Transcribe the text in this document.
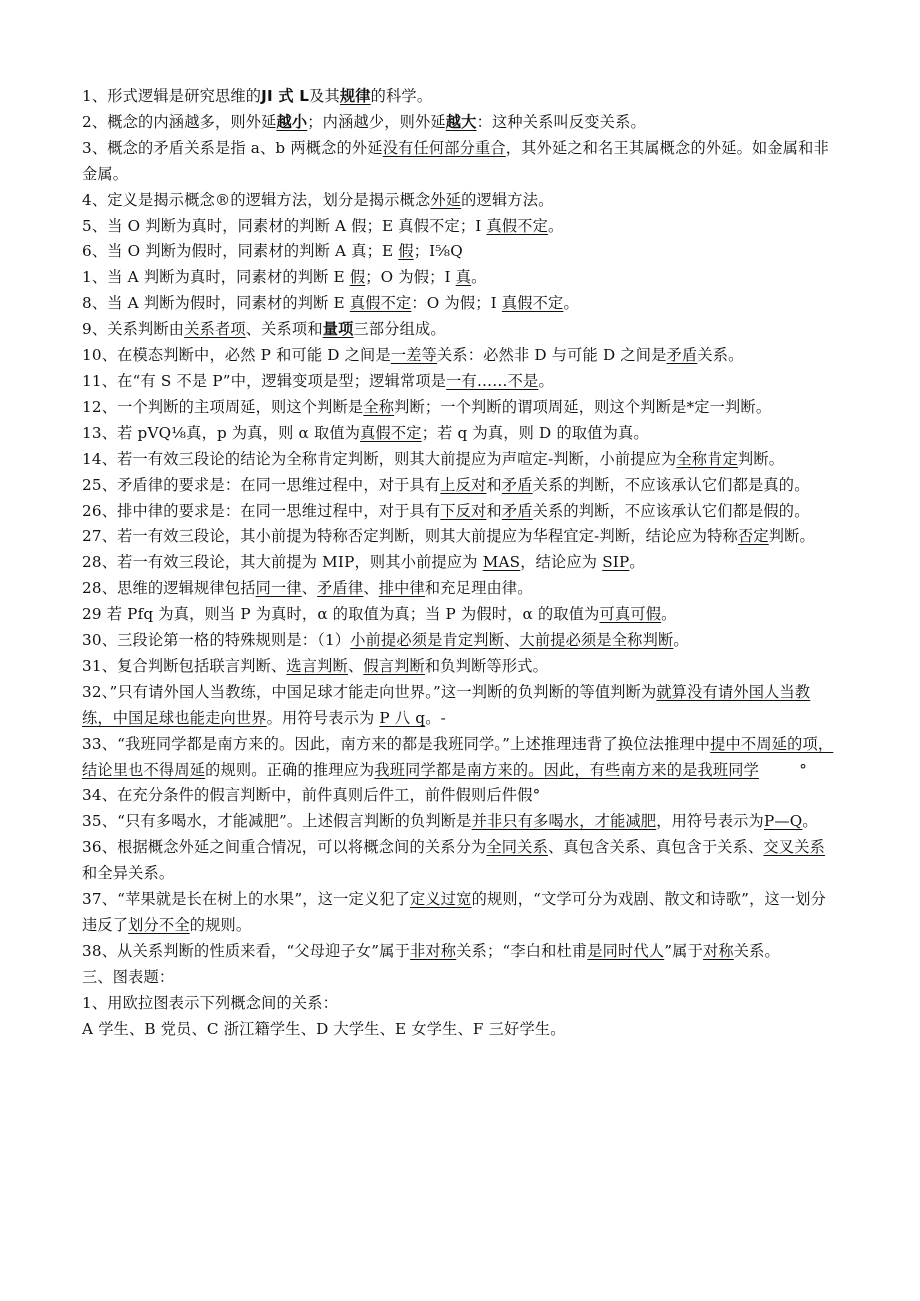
1、形式逻辑是研究思维的JI 式 L及其规律的科学。

2、概念的内涵越多，则外延越小；内涵越少，则外延越大：这种关系叫反变关系。

3、概念的矛盾关系是指 a、b 两概念的外延没有任何部分重合，其外延之和名王其属概念的外延。如金属和非金属。

4、定义是揭示概念®的逻辑方法，划分是揭示概念外延的逻辑方法。

5、当 O 判断为真时，同素材的判断 A 假；E 真假不定；I 真假不定。

6、当 O 判断为假时，同素材的判断 A 真；E 假；I⅝Q

1、当 A 判断为真时，同素材的判断 E 假；O 为假；I 真。

8、当 A 判断为假时，同素材的判断 E 真假不定：O 为假；I 真假不定。

9、关系判断由关系者项、关系项和量项三部分组成。

10、在模态判断中，必然 P 和可能 D 之间是一差等关系：必然非 D 与可能 D 之间是矛盾关系。

11、在“有 S 不是 P”中，逻辑变项是型；逻辑常项是一有……不是。

12、一个判断的主项周延，则这个判断是全称判断；一个判断的谓项周延，则这个判断是*定一判断。

13、若 pVQ⅛真，p 为真，则 α 取值为真假不定；若 q 为真，则 D 的取值为真。

14、若一有效三段论的结论为全称肯定判断，则其大前提应为声喧定-判断，小前提应为全称肯定判断。

25、矛盾律的要求是：在同一思维过程中，对于具有上反对和矛盾关系的判断，不应该承认它们都是真的。

26、排中律的要求是：在同一思维过程中，对于具有下反对和矛盾关系的判断，不应该承认它们都是假的。

27、若一有效三段论，其小前提为特称否定判断，则其大前提应为华程宜定-判断，结论应为特称否定判断。

28、若一有效三段论，其大前提为 MIP，则其小前提应为 MAS，结论应为 SIP。

28、思维的逻辑规律包括同一律、矛盾律、排中律和充足理由律。

29 若 Pfq 为真，则当 P 为真时，α 的取值为真；当 P 为假时，α 的取值为可真可假。

30、三段论第一格的特殊规则是：（1）小前提必须是肯定判断、大前提必须是全称判断。

31、复合判断包括联言判断、选言判断、假言判断和负判断等形式。

32、”只有请外国人当教练，中国足球才能走向世界。”这一判断的负判断的等值判断为就算没有请外国人当教练，中国足球也能走向世界。用符号表示为 P 八 q。-

33、“我班同学都是南方来的。因此，南方来的都是我班同学。”上述推理违背了换位法推理中提中不周延的项，结论里也不得周延的规则。正确的推理应为我班同学都是南方来的。因此，有些南方来的是我班同学        °

34、在充分条件的假言判断中，前件真则后件工，前件假则后件假°

35、“只有多喝水，才能减肥”。上述假言判断的负判断是并非只有多喝水，才能减肥，用符号表示为P—Q。

36、根据概念外延之间重合情况，可以将概念间的关系分为全同关系、真包含关系、真包含于关系、交叉关系和全异关系。

37、“苹果就是长在树上的水果”，这一定义犯了定义过宽的规则，“文学可分为戏剧、散文和诗歌”，这一划分违反了划分不全的规则。

38、从关系判断的性质来看，“父母迎子女”属于非对称关系；“李白和杜甫是同时代人”属于对称关系。

三、图表题：

1、用欧拉图表示下列概念间的关系：

A 学生、B 党员、C 浙江籍学生、D 大学生、E 女学生、F 三好学生。
